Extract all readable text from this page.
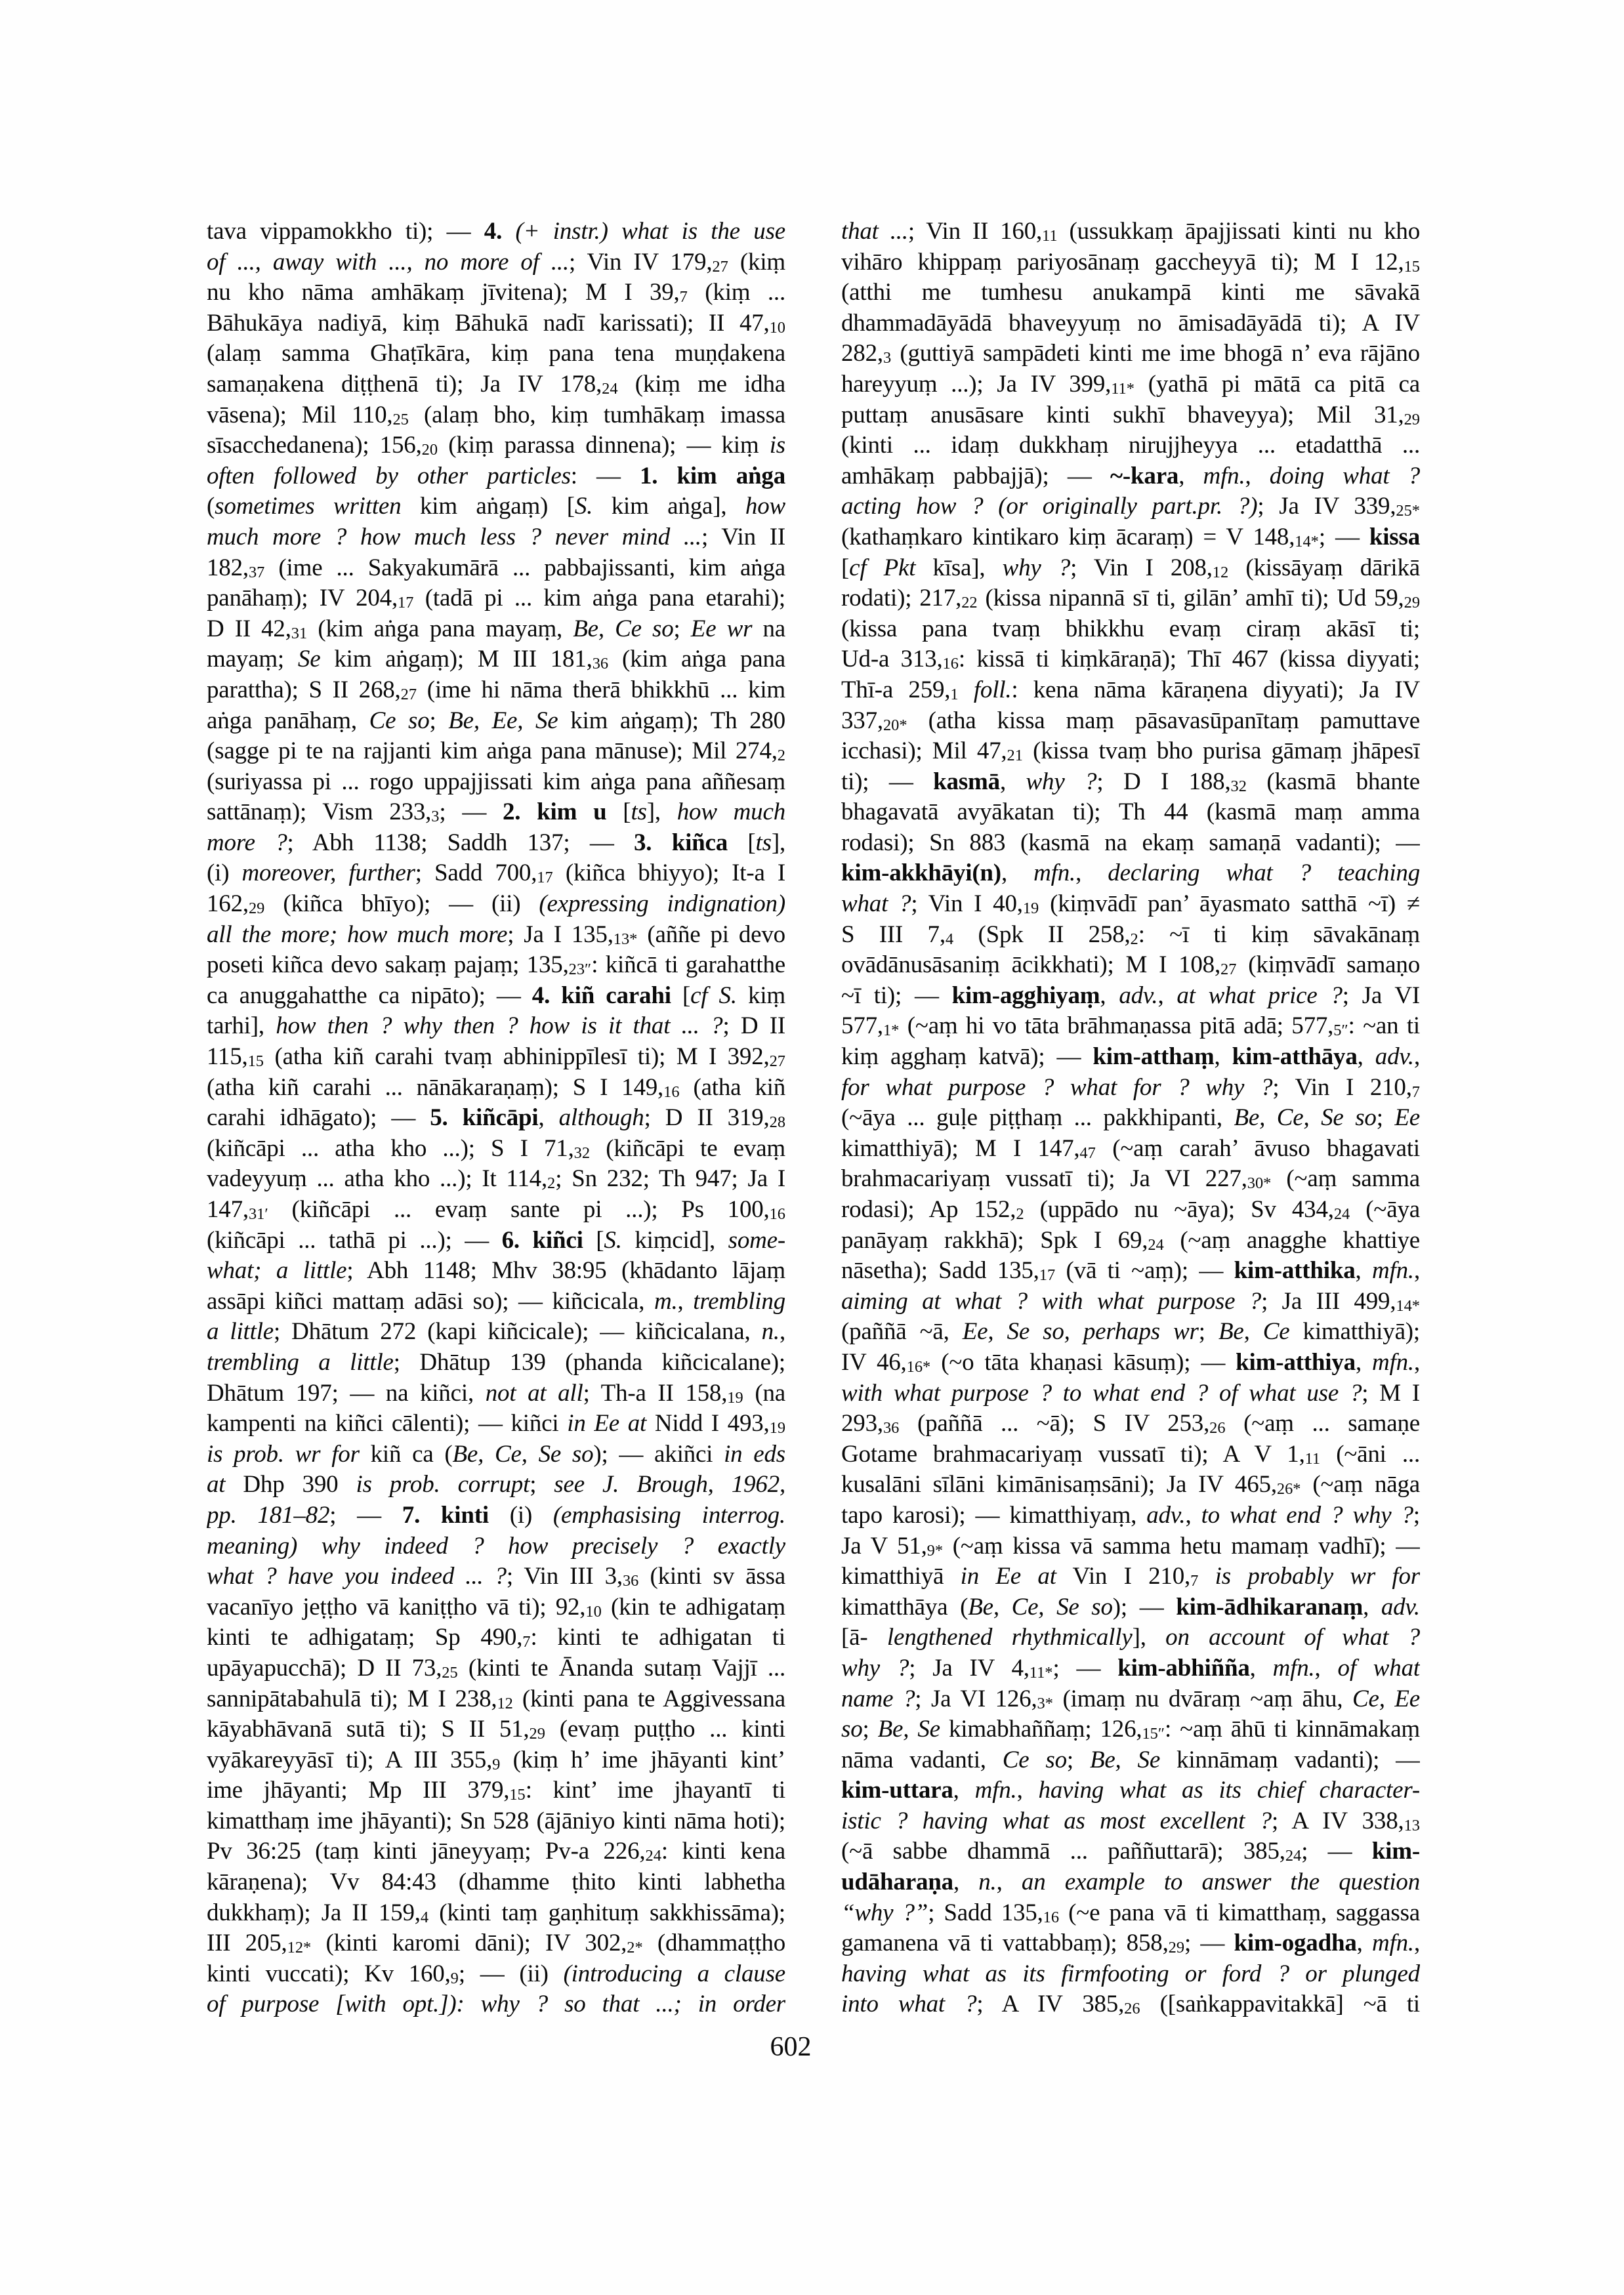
tava vippamokkho ti); — 4. (+ instr.) what is the use
of ..., away with ..., no more of ...; Vin IV $179,_{27}$ (kiṃ
nu kho nāma amhākaṃ jīvitena); M I $39,_7$ (kiṃ ...
Bāhukāya nadiyā, kiṃ Bāhukā nadī karissati); II $47,_{10}$
(alaṃ samma Ghaṭīkāra, kiṃ pana tena muṇḍakena
samaṇakena diṭṭhenā ti); Ja IV $178,_{24}$ (kiṃ me idha
vāsena); Mil $110,_{25}$ (alaṃ bho, kiṃ tumhākaṃ imassa
sīsacchedanena); $156,_{20}$ (kiṃ parassa dinnena); — kiṃ is
often followed by other particles: — 1. kim aṅga
(sometimes written kim aṅgaṃ) [S. kim aṅga], how
much more ? how much less ? never mind ...; Vin II
$182,_{37}$ (ime ... Sakyakumārā ... pabbajissanti, kim aṅga
panāhaṃ); IV $204,_{17}$ (tadā pi ... kim aṅga pana etarahi);
D II $42,_{31}$ (kim aṅga pana mayaṃ, Be, Ce so; Ee wr na
mayaṃ; Se kim aṅgaṃ); M III $181,_{36}$ (kim aṅga pana
parattha); S II $268,_{27}$ (ime hi nāma therā bhikkhū ... kim
aṅga panāhaṃ, Ce so; Be, Ee, Se kim aṅgaṃ); Th 280
(sagge pi te na rajjanti kim aṅga pana mānuse); Mil $274,_2$
(suriyassa pi ... rogo uppajjissati kim aṅga pana aññesaṃ
sattānaṃ); Vism $233,_3$; — 2. kim u [ts], how much
more ?; Abh 1138; Saddh 137; — 3. kiñca [ts],
(i) moreover, further; Sadd $700,_{17}$ (kiñca bhiyyo); It-a I
$162,_{29}$ (kiñca bhīyo); — (ii) (expressing indignation)
all the more; how much more; Ja I $135,_{13*}$ (aññe pi devo
poseti kiñca devo sakaṃ pajaṃ; $135,_{23''}$: kiñcā ti garahatthe
ca anuggahatthe ca nipāto); — 4. kiñ carahi [cf S. kiṃ
tarhi], how then ? why then ? how is it that ... ?; D II
$115,_{15}$ (atha kiñ carahi tvaṃ abhinippīlesī ti); M I $392,_{27}$
(atha kiñ carahi ... nānākaraṇaṃ); S I $149,_{16}$ (atha kiñ
carahi idhāgato); — 5. kiñcāpi, although; D II $319,_{28}$
(kiñcāpi ... atha kho ...); S I $71,_{32}$ (kiñcāpi te evaṃ
vadeyyuṃ ... atha kho ...); It $114,_2$; Sn 232; Th 947; Ja I
$147,_{31'}$ (kiñcāpi ... evaṃ sante pi ...); Ps $100,_{16}$
(kiñcāpi ... tathā pi ...); — 6. kiñci [S. kiṃcid], some-
what; a little; Abh 1148; Mhv 38:95 (khādanto lājaṃ
assāpi kiñci mattaṃ adāsi so); — kiñcicala, m., trembling
a little; Dhātum 272 (kapi kiñcicale); — kiñcicalana, n.,
trembling a little; Dhātup 139 (phanda kiñcicalane);
Dhātum 197; — na kiñci, not at all; Th-a II $158,_{19}$ (na
kampenti na kiñci cālenti); — kiñci in Ee at Nidd I $493,_{19}$
is prob. wr for kiñ ca (Be, Ce, Se so); — akiñci in eds
at Dhp 390 is prob. corrupt; see J. Brough, 1962,
pp. 181–82; — 7. kinti (i) (emphasising interrog.
meaning) why indeed ? how precisely ? exactly
what ? have you indeed ... ?; Vin III $3,_{36}$ (kinti sv āssa
vacanīyo jeṭṭho vā kaniṭṭho vā ti); $92,_{10}$ (kin te adhigataṃ
kinti te adhigataṃ; Sp $490,_7$: kinti te adhigatan ti
upāyapucchā); D II $73,_{25}$ (kinti te Ānanda sutaṃ Vajjī ...
sannipātabahulā ti); M I $238,_{12}$ (kinti pana te Aggivessana
kāyabhāvanā sutā ti); S II $51,_{29}$ (evaṃ puṭṭho ... kinti
vyākareyyāsī ti); A III $355,_9$ (kiṃ h’ ime jhāyanti kint’
ime jhāyanti; Mp III $379,_{15}$: kint’ ime jhayantī ti
kimatthaṃ ime jhāyanti); Sn 528 (ājāniyo kinti nāma hoti);
Pv 36:25 (taṃ kinti jāneyyaṃ; Pv-a $226,_{24}$: kinti kena
kāraṇena); Vv 84:43 (dhamme ṭhito kinti labhetha
dukkhaṃ); Ja II $159,_4$ (kinti taṃ gaṇhituṃ sakkhissāma);
III $205,_{12*}$ (kinti karomi dāni); IV $302,_{2*}$ (dhammaṭṭho
kinti vuccati); Kv $160,_9$; — (ii) (introducing a clause
of purpose [with opt.]): why ? so that ...; in order
that ...; Vin II $160,_{11}$ (ussukkaṃ āpajjissati kinti nu kho
vihāro khippaṃ pariyosānaṃ gaccheyyā ti); M I $12,_{15}$
(atthi me tumhesu anukampā kinti me sāvakā
dhammadāyādā bhaveyyuṃ no āmisadāyādā ti); A IV
$282,_3$ (guttiyā sampādeti kinti me ime bhogā n’ eva rājāno
hareyyuṃ ...); Ja IV $399,_{11*}$ (yathā pi mātā ca pitā ca
puttaṃ anusāsare kinti sukhī bhaveyya); Mil $31,_{29}$
(kinti ... idaṃ dukkhaṃ nirujjheyya ... etadatthā ...
amhākaṃ pabbajjā); — ~-kara, mfn., doing what ?
acting how ? (or originally part.pr. ?); Ja IV $339,_{25*}$
(kathaṃkaro kintikaro kiṃ ācaraṃ) = V $148,_{14*}$; — kissa
[cf Pkt kīsa], why ?; Vin I $208,_{12}$ (kissāyaṃ dārikā
rodati); $217,_{22}$ (kissa nipannā sī ti, gilān’ amhī ti); Ud $59,_{29}$
(kissa pana tvaṃ bhikkhu evaṃ ciraṃ akāsī ti;
Ud-a $313,_{16}$: kissā ti kiṃkāraṇā); Thī 467 (kissa diyyati;
Thī-a $259,_1$ foll.: kena nāma kāraṇena diyyati); Ja IV
$337,_{20*}$ (atha kissa maṃ pāsavasūpanītaṃ pamuttave
icchasi); Mil $47,_{21}$ (kissa tvaṃ bho purisa gāmaṃ jhāpesī
ti); — kasmā, why ?; D I $188,_{32}$ (kasmā bhante
bhagavatā avyākatan ti); Th 44 (kasmā maṃ amma
rodasi); Sn 883 (kasmā na ekaṃ samaṇā vadanti); —
kim-akkhāyi(n), mfn., declaring what ? teaching
what ?; Vin I $40,_{19}$ (kiṃvādī pan’ āyasmato satthā ~ī) ≠
S III $7,_4$ (Spk II $258,_2$: ~ī ti kiṃ sāvakānaṃ
ovādānusāsaniṃ ācikkhati); M I $108,_{27}$ (kiṃvādī samaṇo
~ī ti); — kim-agghiyaṃ, adv., at what price ?; Ja VI
$577,_{1*}$ (~aṃ hi vo tāta brāhmaṇassa pitā adā; $577,_{5''}$: ~an ti
kiṃ agghaṃ katvā); — kim-atthaṃ, kim-atthāya, adv.,
for what purpose ? what for ? why ?; Vin I $210,_7$
(~āya ... guḷe piṭṭhaṃ ... pakkhipanti, Be, Ce, Se so; Ee
kimatthiyā); M I $147,_{47}$ (~aṃ carah’ āvuso bhagavati
brahmacariyaṃ vussatī ti); Ja VI $227,_{30*}$ (~aṃ samma
rodasi); Ap $152,_2$ (uppādo nu ~āya); Sv $434,_{24}$ (~āya
panāyaṃ rakkhā); Spk I $69,_{24}$ (~aṃ anagghe khattiye
nāsetha); Sadd $135,_{17}$ (vā ti ~aṃ); — kim-atthika, mfn.,
aiming at what ? with what purpose ?; Ja III $499,_{14*}$
(paññā ~ā, Ee, Se so, perhaps wr; Be, Ce kimatthiyā);
IV $46,_{16*}$ (~o tāta khaṇasi kāsuṃ); — kim-atthiya, mfn.,
with what purpose ? to what end ? of what use ?; M I
$293,_{36}$ (paññā ... ~ā); S IV $253,_{26}$ (~aṃ ... samaṇe
Gotame brahmacariyaṃ vussatī ti); A V $1,_{11}$ (~āni ...
kusalāni sīlāni kimānisaṃsāni); Ja IV $465,_{26*}$ (~aṃ nāga
tapo karosi); — kimatthiyaṃ, adv., to what end ? why ?;
Ja V $51,_{9*}$ (~aṃ kissa vā samma hetu mamaṃ vadhī); —
kimatthiyā in Ee at Vin I $210,_7$ is probably wr for
kimatthāya (Be, Ce, Se so); — kim-ādhikaranaṃ, adv.
[ā- lengthened rhythmically], on account of what ?
why ?; Ja IV $4,_{11*}$; — kim-abhiñña, mfn., of what
name ?; Ja VI $126,_{3*}$ (imaṃ nu dvāraṃ ~aṃ āhu, Ce, Ee
so; Be, Se kimabhaññaṃ; $126,_{15''}$: ~aṃ āhū ti kinnāmakaṃ
nāma vadanti, Ce so; Be, Se kinnāmaṃ vadanti); —
kim-uttara, mfn., having what as its chief character-
istic ? having what as most excellent ?; A IV $338,_{13}$
(~ā sabbe dhammā ... paññuttarā); $385,_{24}$; — kim-
udāharaṇa, n., an example to answer the question
“why ?”; Sadd $135,_{16}$ (~e pana vā ti kimatthaṃ, saggassa
gamanena vā ti vattabbaṃ); $858,_{29}$; — kim-ogadha, mfn.,
having what as its firmfooting or ford ? or plunged
into what ?; A IV $385,_{26}$ ([saṅkappavitakkā] ~ā ti
602
